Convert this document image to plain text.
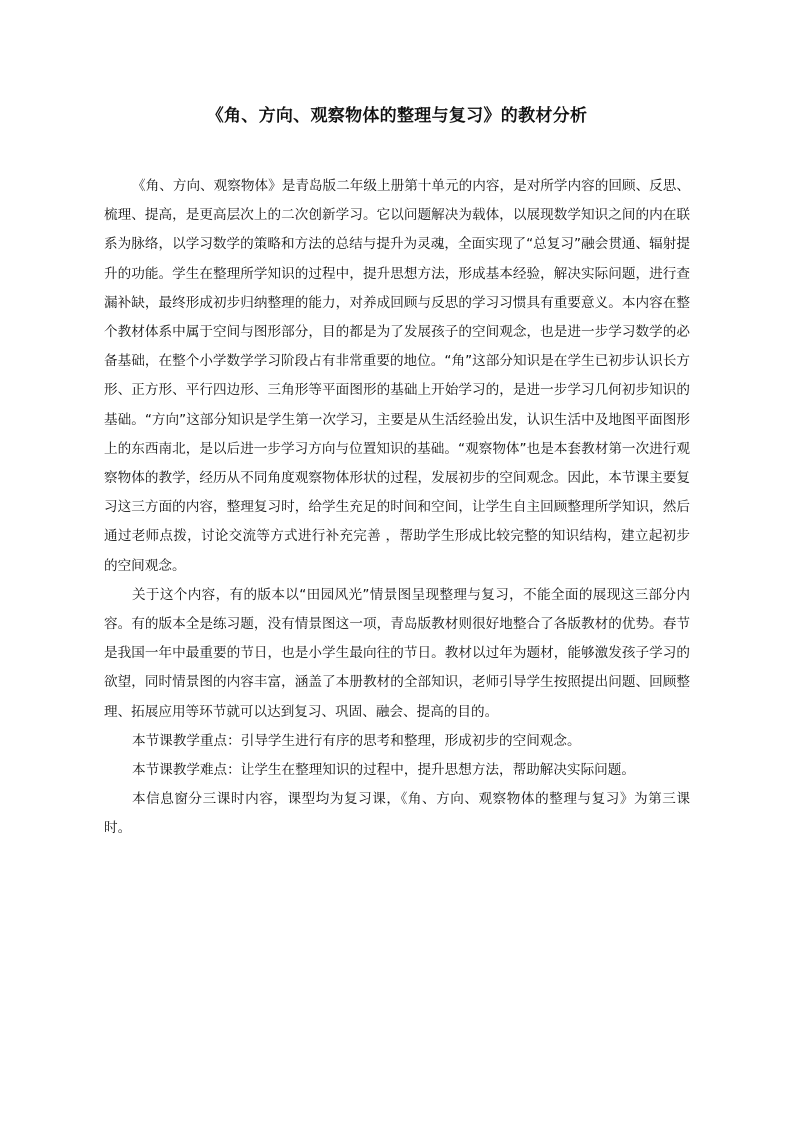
《角、方向、观察物体的整理与复习》的教材分析

《角、方向、观察物体》是青岛版二年级上册第十单元的内容，是对所学内容的回顾、反思、梳理、提高，是更高层次上的二次创新学习。它以问题解决为载体，以展现数学知识之间的内在联系为脉络，以学习数学的策略和方法的总结与提升为灵魂，全面实现了“总复习”融会贯通、辐射提升的功能。学生在整理所学知识的过程中，提升思想方法，形成基本经验，解决实际问题，进行查漏补缺，最终形成初步归纳整理的能力，对养成回顾与反思的学习习惯具有重要意义。本内容在整个教材体系中属于空间与图形部分，目的都是为了发展孩子的空间观念，也是进一步学习数学的必备基础，在整个小学数学学习阶段占有非常重要的地位。“角”这部分知识是在学生已初步认识长方形、正方形、平行四边形、三角形等平面图形的基础上开始学习的，是进一步学习几何初步知识的基础。“方向”这部分知识是学生第一次学习，主要是从生活经验出发，认识生活中及地图平面图形上的东西南北，是以后进一步学习方向与位置知识的基础。“观察物体”也是本套教材第一次进行观察物体的教学，经历从不同角度观察物体形状的过程，发展初步的空间观念。因此，本节课主要复习这三方面的内容，整理复习时，给学生充足的时间和空间，让学生自主回顾整理所学知识，然后通过老师点拨，讨论交流等方式进行补充完善 ，帮助学生形成比较完整的知识结构，建立起初步的空间观念。

关于这个内容，有的版本以“田园风光”情景图呈现整理与复习，不能全面的展现这三部分内容。有的版本全是练习题，没有情景图这一项，青岛版教材则很好地整合了各版教材的优势。春节是我国一年中最重要的节日，也是小学生最向往的节日。教材以过年为题材，能够激发孩子学习的欲望，同时情景图的内容丰富，涵盖了本册教材的全部知识，老师引导学生按照提出问题、回顾整理、拓展应用等环节就可以达到复习、巩固、融会、提高的目的。

本节课教学重点：引导学生进行有序的思考和整理，形成初步的空间观念。

本节课教学难点：让学生在整理知识的过程中，提升思想方法，帮助解决实际问题。

本信息窗分三课时内容，课型均为复习课，《角、方向、观察物体的整理与复习》为第三课时。
